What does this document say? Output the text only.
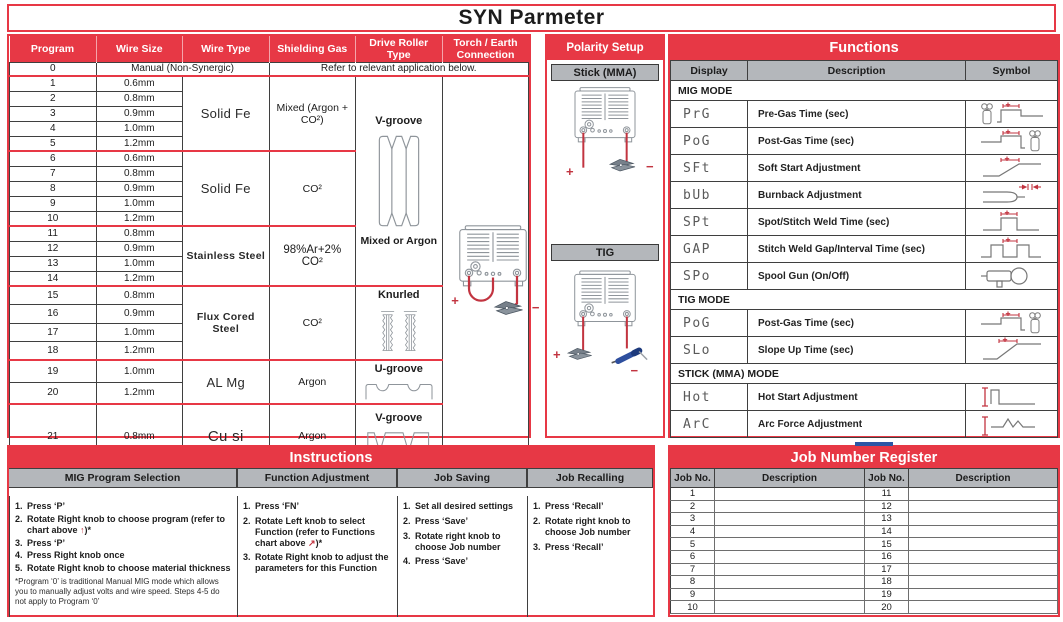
SYN Parmeter
Program	Wire Size	Wire Type	Shielding Gas	Drive Roller Type	Torch / Earth Connection
0	Manual (Non-Synergic)		Refer to relevant application below.		
1	0.6mm	Solid Fe	Mixed (Argon + CO²)	V-groove
Mixed or Argon

+	−

2	0.8mm				
3	0.9mm				
4	1.0mm				
5	1.2mm				
6	0.6mm	Solid Fe	CO²		
7	0.8mm				
8	0.9mm				
9	1.0mm				
10	1.2mm				
11	0.8mm	Stainless Steel	98%Ar+2% CO²		
12	0.9mm				
13	1.0mm				
14	1.2mm				
15	0.8mm	Flux Cored Steel	CO²	Knurled	

16	0.9mm				
17	1.0mm				
18	1.2mm				
19	1.0mm	AL Mg	Argon	U-groove	

20	1.2mm				
21	0.8mm	Cu si	Argon	V-groove	
Polarity Setup
Stick (MMA)
+	−
TIG
+
−
Functions
Display	Description	Symbol
MIG MODE		
PrG	Pre-Gas Time (sec)	
PoG	Post-Gas Time (sec)	
SFt	Soft Start Adjustment	
bUb	Burnback Adjustment	
SPt	Spot/Stitch Weld Time (sec)	
GAP	Stitch Weld Gap/Interval Time (sec)	
SPo	Spool Gun (On/Off)	
TIG MODE		
PoG	Post-Gas Time (sec)	
SLo	Slope Up Time (sec)	
STICK (MMA) MODE		
Hot	Hot Start Adjustment	
ArC	Arc Force Adjustment	
Instructions
MIG Program Selection	Function Adjustment	Job Saving	Job Recalling
1. Press ‘P’
2. Rotate Right knob to choose program (refer to chart above ↑)*
3. Press ‘P’
4. Press Right knob once
5. Rotate Right knob to choose material thickness
*Program ‘0’ is traditional Manual MIG mode which allows you to manually adjust volts and wire speed. Steps 4-5 do not apply to Program ‘0’
1. Press ‘FN’
2. Rotate Left knob to select Function (refer to Functions chart above ↗)*
3. Rotate Right knob to adjust the parameters for this Function
1. Set all desired settings
2. Press ‘Save’
3. Rotate right knob to choose Job number
4. Press ‘Save’
1. Press ‘Recall’
2. Rotate right knob to choose Job number
3. Press ‘Recall’
Job Number Register
Job No.	Description	Job No.	Description
1		11	
2		12	
3		13	
4		14	
5		15	
6		16	
7		17	
8		18	
9		19	
10		20	
